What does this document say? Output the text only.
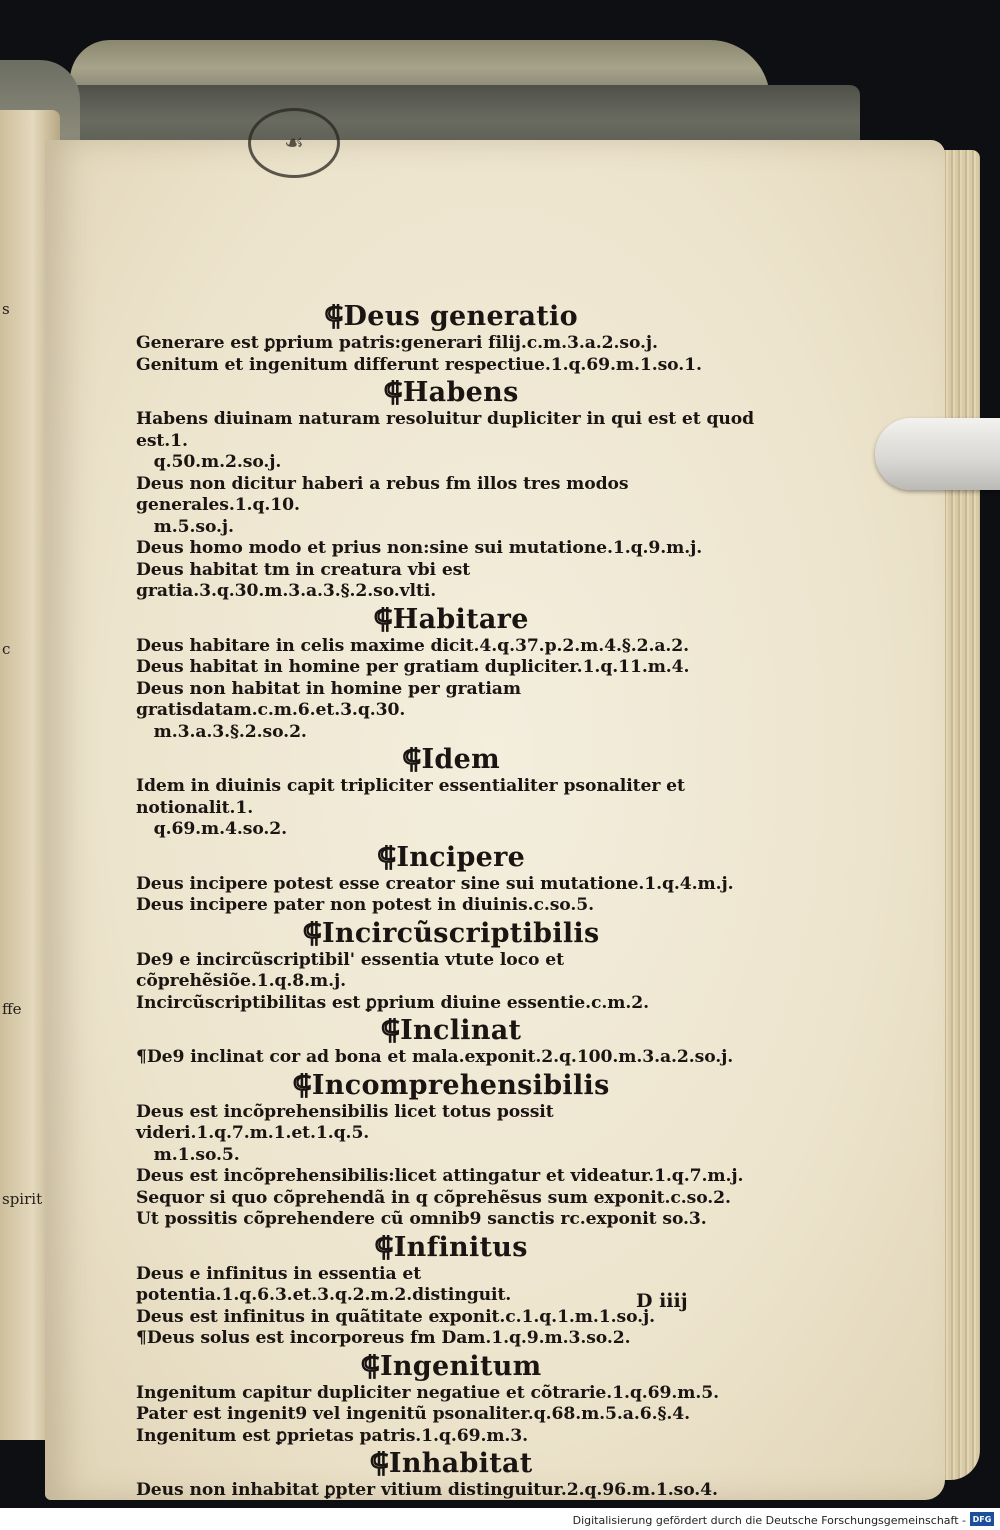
s
c
ffe
spirit
☙

⸿Deus generatio

Generare est ꝑprium patris:generari filij.c.m.3.a.2.so.j.

Genitum et ingenitum differunt respectiue.1.q.69.m.1.so.1.

⸿Habens

Habens diuinam naturam resoluitur dupliciter in qui est et quod est.1.

q.50.m.2.so.j.

Deus non dicitur haberi a rebus fm illos tres modos generales.1.q.10.

m.5.so.j.

Deus homo modo et prius non:sine sui mutatione.1.q.9.m.j.

Deus habitat tm in creatura vbi est gratia.3.q.30.m.3.a.3.§.2.so.vlti.

⸿Habitare

Deus habitare in celis maxime dicit.4.q.37.p.2.m.4.§.2.a.2.

Deus habitat in homine per gratiam dupliciter.1.q.11.m.4.

Deus non habitat in homine per gratiam gratisdatam.c.m.6.et.3.q.30.

m.3.a.3.§.2.so.2.

⸿Idem

Idem in diuinis capit tripliciter essentialiter psonaliter et notionalit.1.

q.69.m.4.so.2.

⸿Incipere

Deus incipere potest esse creator sine sui mutatione.1.q.4.m.j.

Deus incipere pater non potest in diuinis.c.so.5.

⸿Incircũscriptibilis

De9 e incircũscriptibil' essentia vtute loco et cõprehẽsiõe.1.q.8.m.j.

Incircũscriptibilitas est ꝑprium diuine essentie.c.m.2.

⸿Inclinat

¶De9 inclinat cor ad bona et mala.exponit.2.q.100.m.3.a.2.so.j.

⸿Incomprehensibilis

Deus est incõprehensibilis licet totus possit videri.1.q.7.m.1.et.1.q.5.

m.1.so.5.

Deus est incõprehensibilis:licet attingatur et videatur.1.q.7.m.j.

Sequor si quo cõprehendã in q cõprehẽsus sum exponit.c.so.2.

Ut possitis cõprehendere cũ omnib9 sanctis rc.exponit so.3.

⸿Infinitus

Deus e infinitus in essentia et potentia.1.q.6.3.et.3.q.2.m.2.distinguit.

Deus est infinitus in quãtitate exponit.c.1.q.1.m.1.so.j.

¶Deus solus est incorporeus fm Dam.1.q.9.m.3.so.2.

⸿Ingenitum

Ingenitum capitur dupliciter negatiue et cõtrarie.1.q.69.m.5.

Pater est ingenit9 vel ingenitũ psonaliter.q.68.m.5.a.6.§.4.

Ingenitum est ꝑprietas patris.1.q.69.m.3.

⸿Inhabitat

Deus non inhabitat ꝑpter vitium distinguitur.2.q.96.m.1.so.4.

D iiij
Digitalisierung gefördert durch die Deutsche Forschungsgemeinschaft - DFG
